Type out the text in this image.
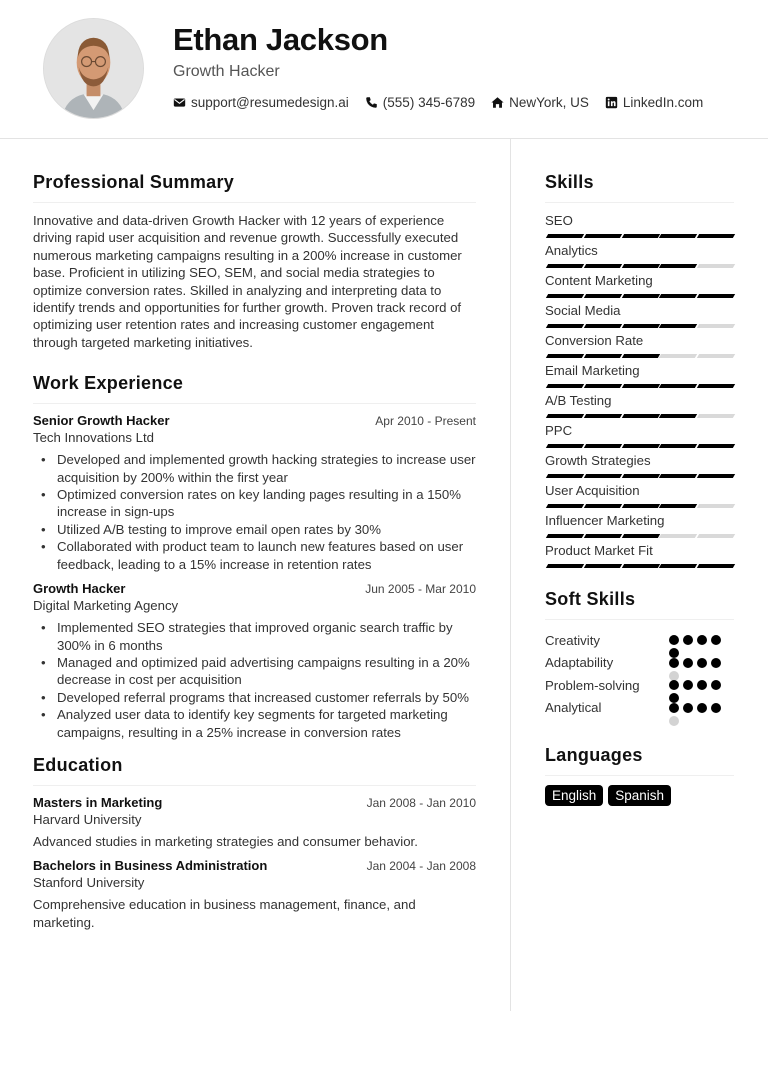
Ethan Jackson
Growth Hacker
support@resumedesign.ai	(555) 345-6789	NewYork, US	LinkedIn.com
Professional Summary

Innovative and data-driven Growth Hacker with 12 years of experience driving rapid user acquisition and revenue growth. Successfully executed numerous marketing campaigns resulting in a 200% increase in customer base. Proficient in utilizing SEO, SEM, and social media strategies to optimize conversion rates. Skilled in analyzing and interpreting data to identify trends and opportunities for further growth. Proven track record of optimizing user retention rates and increasing customer engagement through targeted marketing initiatives.

Work Experience
Senior Growth Hacker	Apr 2010 - Present
Tech Innovations Ltd
• Developed and implemented growth hacking strategies to increase user acquisition by 200% within the first year
• Optimized conversion rates on key landing pages resulting in a 150% increase in sign-ups
• Utilized A/B testing to improve email open rates by 30%
• Collaborated with product team to launch new features based on user feedback, leading to a 15% increase in retention rates
Growth Hacker	Jun 2005 - Mar 2010
Digital Marketing Agency
• Implemented SEO strategies that improved organic search traffic by 300% in 6 months
• Managed and optimized paid advertising campaigns resulting in a 20% decrease in cost per acquisition
• Developed referral programs that increased customer referrals by 50%
• Analyzed user data to identify key segments for targeted marketing campaigns, resulting in a 25% increase in conversion rates
Education
Masters in Marketing	Jan 2008 - Jan 2010
Harvard University

Advanced studies in marketing strategies and consumer behavior.

Bachelors in Business Administration	Jan 2004 - Jan 2008
Stanford University

Comprehensive education in business management, finance, and marketing.

Skills
SEO
Analytics
Content Marketing
Social Media
Conversion Rate
Email Marketing
A/B Testing
PPC
Growth Strategies
User Acquisition
Influencer Marketing
Product Market Fit
Soft Skills
Creativity
Adaptability
Problem-solving
Analytical
Languages
English	Spanish
